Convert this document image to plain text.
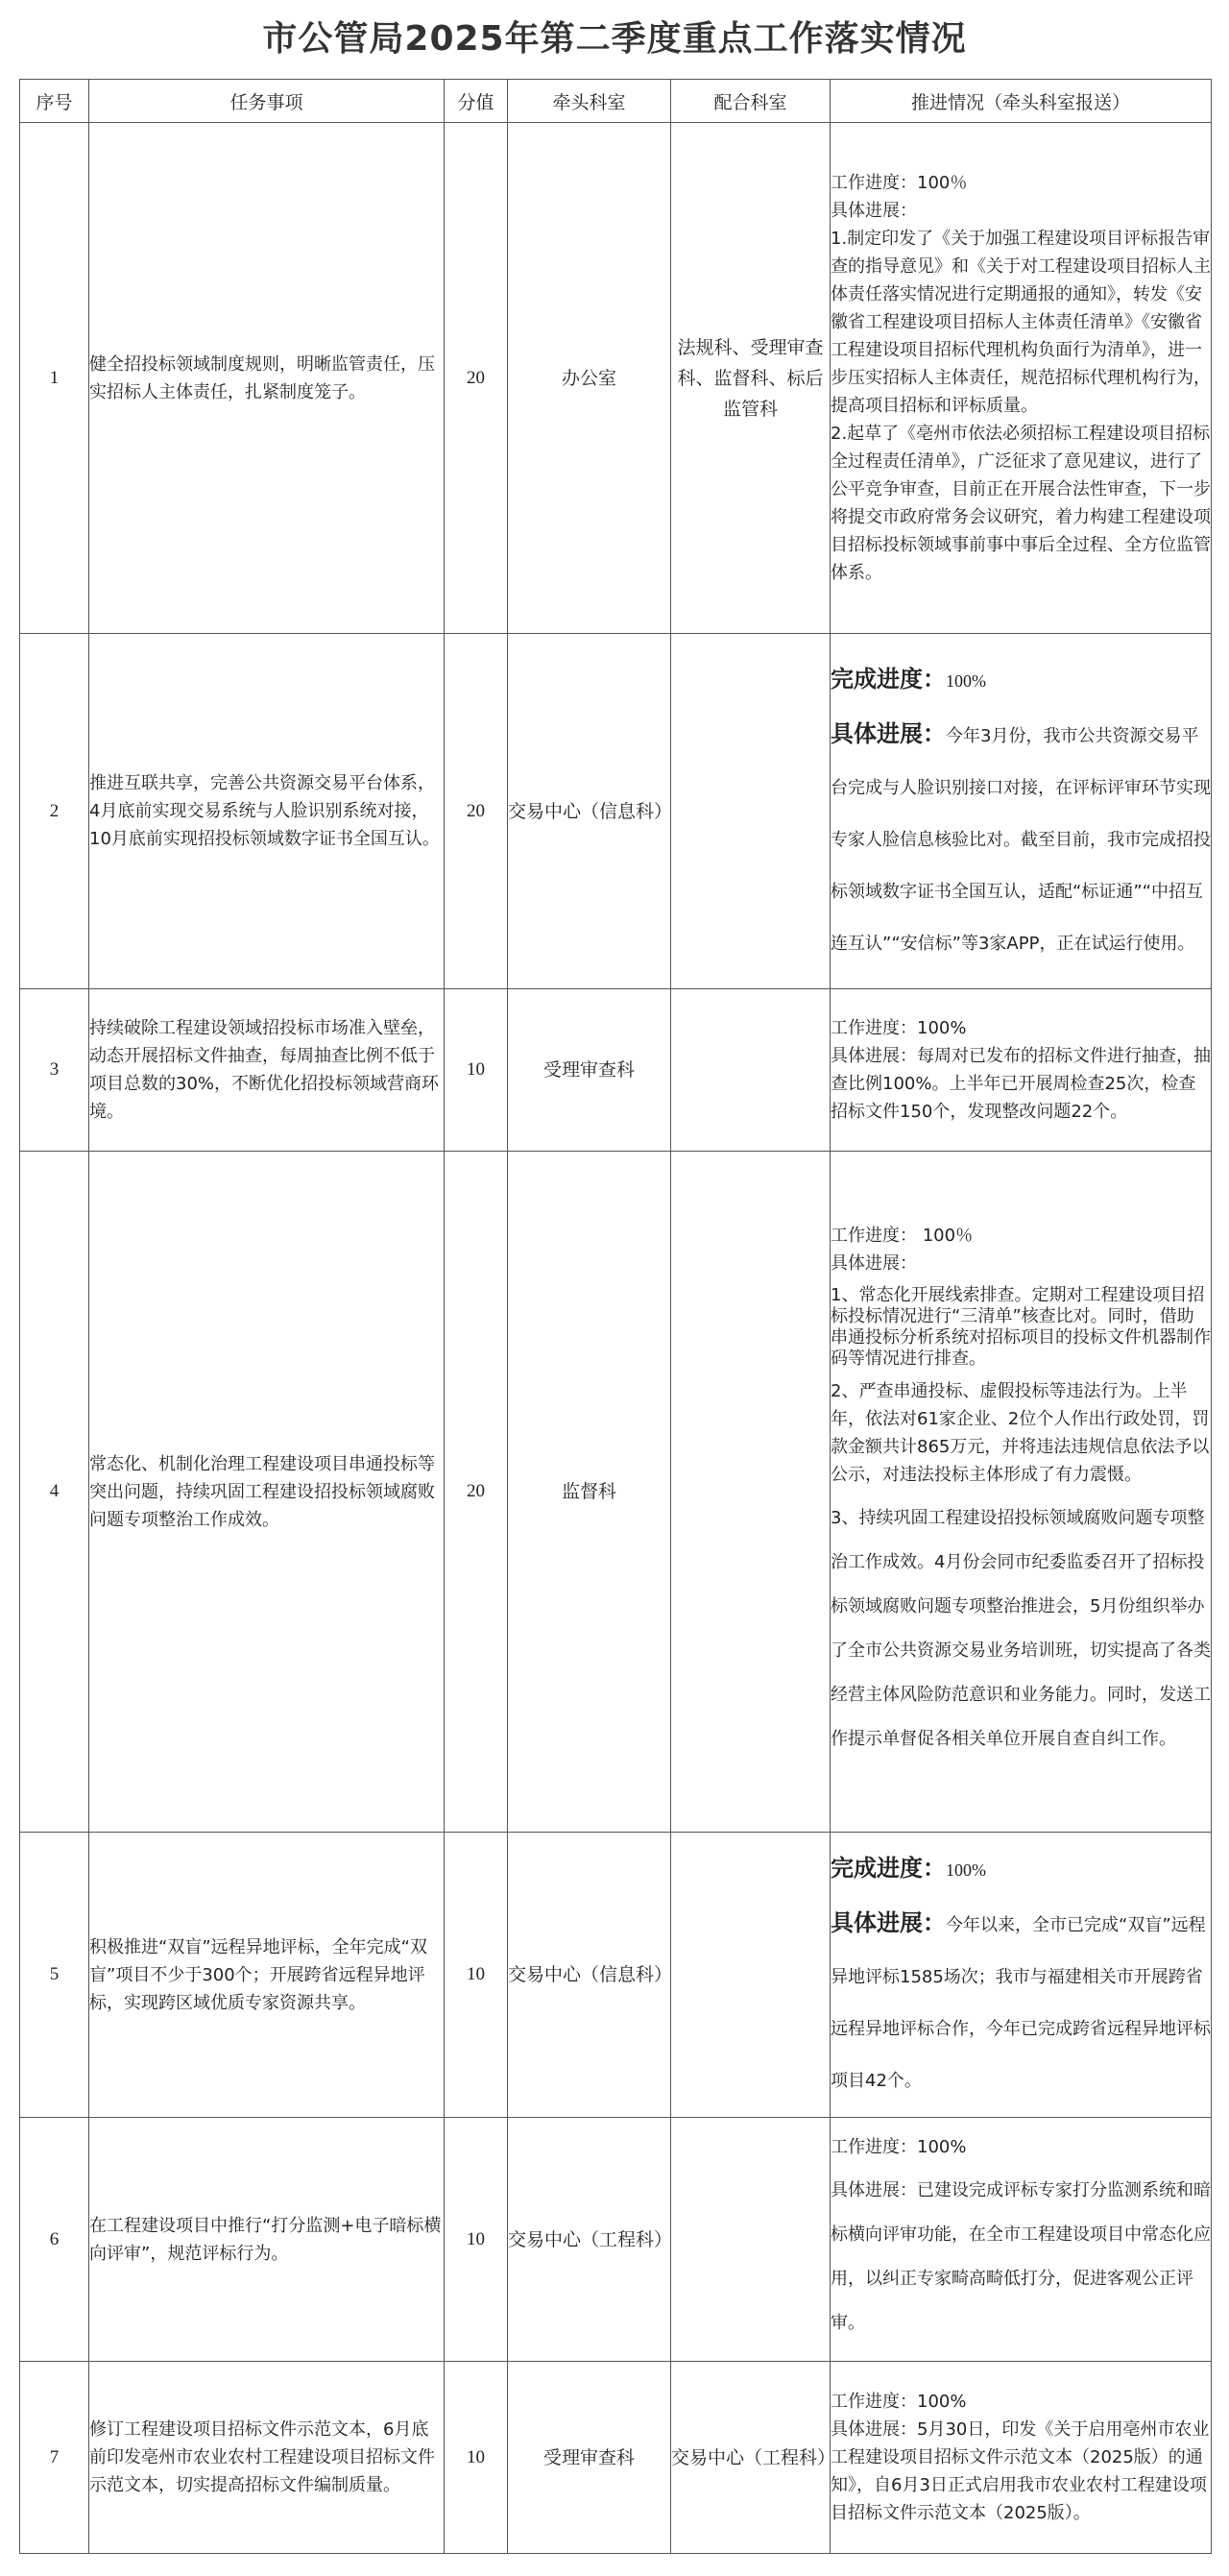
市公管局2025年第二季度重点工作落实情况
序号	任务事项	分值	牵头科室	配合科室	推进情况（牵头科室报送）
1	健全招投标领域制度规则，明晰监管责任，压实招标人主体责任，扎紧制度笼子。	20	办公室	法规科、受理审查科、监督科、标后监管科	工作进度：100％
具体进展：
1.制定印发了《关于加强工程建设项目评标报告审查的指导意见》和《关于对工程建设项目招标人主体责任落实情况进行定期通报的通知》，转发《安徽省工程建设项目招标人主体责任清单》《安徽省工程建设项目招标代理机构负面行为清单》，进一步压实招标人主体责任，规范招标代理机构行为，提高项目招标和评标质量。
2.起草了《亳州市依法必须招标工程建设项目招标全过程责任清单》，广泛征求了意见建议，进行了公平竞争审查，目前正在开展合法性审查，下一步将提交市政府常务会议研究，着力构建工程建设项目招标投标领域事前事中事后全过程、全方位监管体系。

2	推进互联共享，完善公共资源交易平台体系，4月底前实现交易系统与人脸识别系统对接，10月底前实现招投标领域数字证书全国互认。	20	交易中心（信息科）		完成进度：100%
具体进展：今年3月份，我市公共资源交易平台完成与人脸识别接口对接，在评标评审环节实现专家人脸信息核验比对。截至目前，我市完成招投标领域数字证书全国互认，适配“标证通”“中招互连互认”“安信标”等3家APP，正在试运行使用。

3	持续破除工程建设领域招投标市场准入壁垒，动态开展招标文件抽查，每周抽查比例不低于项目总数的30%，不断优化招投标领域营商环境。	10	受理审查科		工作进度：100%
具体进展：每周对已发布的招标文件进行抽查，抽查比例100%。上半年已开展周检查25次，检查招标文件150个，发现整改问题22个。

4	常态化、机制化治理工程建设项目串通投标等突出问题，持续巩固工程建设招投标领域腐败问题专项整治工作成效。	20	监督科		工作进度： 100％
具体进展：
1、常态化开展线索排查。定期对工程建设项目招标投标情况进行“三清单”核查比对。同时，借助串通投标分析系统对招标项目的投标文件机器制作码等情况进行排查。
2、严查串通投标、虚假投标等违法行为。上半年，依法对61家企业、2位个人作出行政处罚，罚款金额共计865万元，并将违法违规信息依法予以公示，对违法投标主体形成了有力震慑。
3、持续巩固工程建设招投标领域腐败问题专项整治工作成效。4月份会同市纪委监委召开了招标投标领域腐败问题专项整治推进会，5月份组织举办了全市公共资源交易业务培训班，切实提高了各类经营主体风险防范意识和业务能力。同时，发送工作提示单督促各相关单位开展自查自纠工作。

5	积极推进“双盲”远程异地评标，全年完成“双盲”项目不少于300个；开展跨省远程异地评标，实现跨区域优质专家资源共享。	10	交易中心（信息科）		完成进度：100%
具体进展：今年以来，全市已完成“双盲”远程异地评标1585场次；我市与福建相关市开展跨省远程异地评标合作，今年已完成跨省远程异地评标项目42个。

6	在工程建设项目中推行“打分监测+电子暗标横向评审”，规范评标行为。	10	交易中心（工程科）		工作进度：100%
具体进展：已建设完成评标专家打分监测系统和暗标横向评审功能，在全市工程建设项目中常态化应用，以纠正专家畸高畸低打分，促进客观公正评审。

7	修订工程建设项目招标文件示范文本，6月底前印发亳州市农业农村工程建设项目招标文件示范文本，切实提高招标文件编制质量。	10	受理审查科	交易中心（工程科）	工作进度：100%
具体进展：5月30日，印发《关于启用亳州市农业工程建设项目招标文件示范文本（2025版）的通知》，自6月3日正式启用我市农业农村工程建设项目招标文件示范文本（2025版）。
